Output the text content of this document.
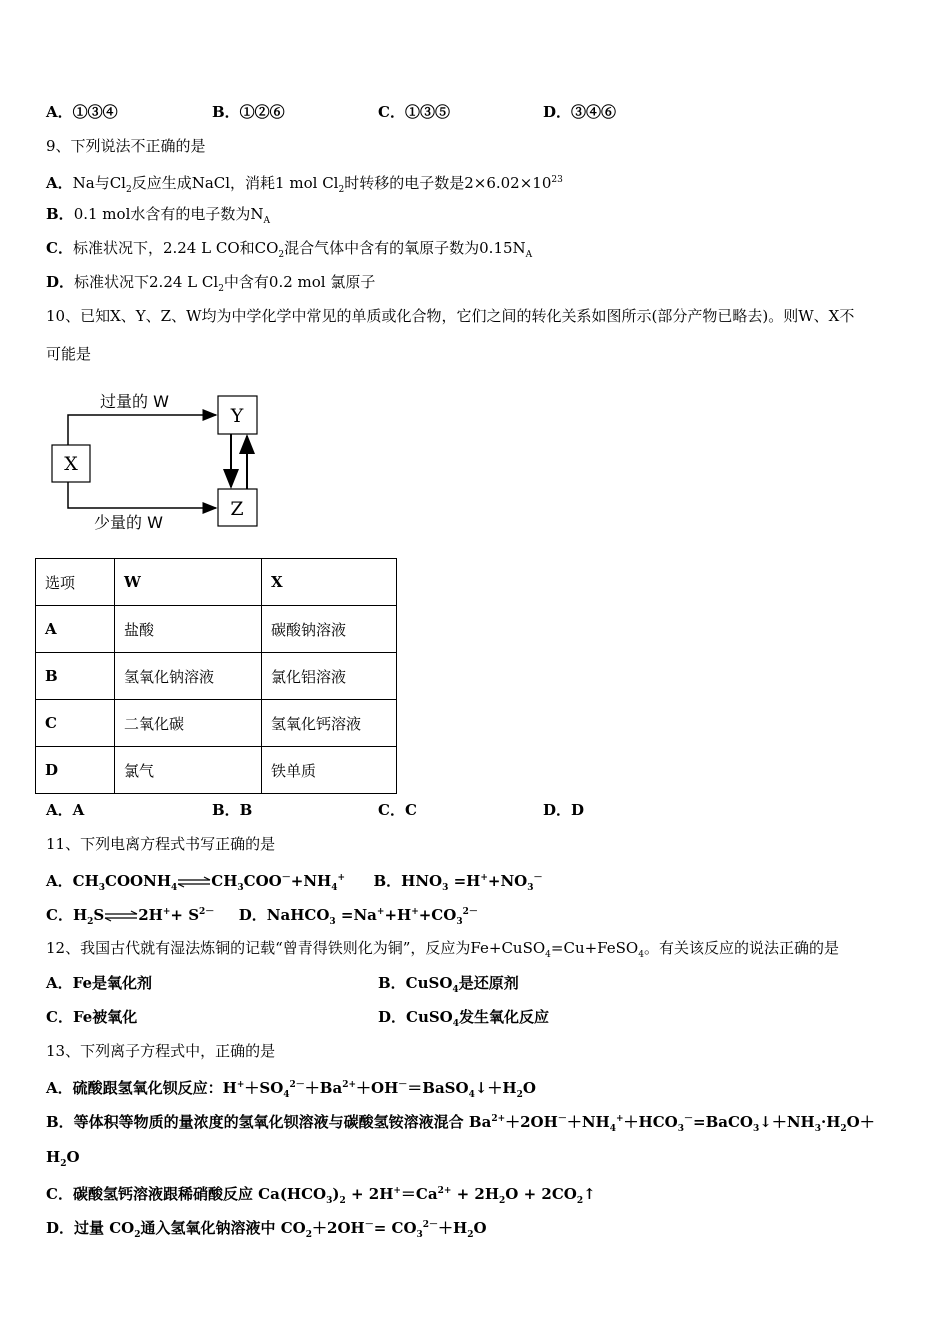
A．①③④	B．①②⑥	C．①③⑤	D．③④⑥
9、下列说法不正确的是
A．Na与$Cl_2$反应生成NaCl，消耗1 mol $Cl_2$时转移的电子数是$2\times 6.02\times 10^{23}$
B．0.1 mol水含有的电子数为$N_A$
C．标准状况下，2.24 L CO和$CO_2$混合气体中含有的氧原子数为$0.15N_A$
D．标准状况下2.24 L $Cl_2$中含有0.2 mol 氯原子
10、已知X、Y、Z、W均为中学化学中常见的单质或化合物，它们之间的转化关系如图所示(部分产物已略去)。则W、X不
可能是
X
Y
Z
过量的 W
少量的 W
选项	W	X
A	盐酸	碳酸钠溶液
B	氢氧化钠溶液	氯化铝溶液
C	二氧化碳	氢氧化钙溶液
D	氯气	铁单质
A．A	B．B	C．C	D．D
11、下列电离方程式书写正确的是
A．$CH_3COONH_4\rightleftharpoons CH_3COO^-+NH_4^+$ B．$HNO_3 =H^++NO_3^-$
C．$H_2S\rightleftharpoons 2H^++ S^{2-}$ D．NaHCO$_3$ $=Na^++H^++CO_3^{2-}$
12、我国古代就有湿法炼铜的记载“曾青得铁则化为铜”，反应为Fe+CuSO$_4$=Cu+FeSO$_4$。有关该反应的说法正确的是
A．Fe是氧化剂	B．CuSO$_4$是还原剂
C．Fe被氧化	D．CuSO$_4$发生氧化反应
13、下列离子方程式中，正确的是
A．硫酸跟氢氧化钡反应：$H^++SO_4^{2-}+Ba^{2+}+OH^-=BaSO_4↓+H_2O$
B．等体积等物质的量浓度的氢氧化钡溶液与碳酸氢铵溶液混合 $Ba^{2+}+2OH^-+NH_4^++HCO_3^-=BaCO_3↓+NH_3\cdot H_2O+$
$H_2O$
C．碳酸氢钙溶液跟稀硝酸反应 $Ca(HCO_3)_2 + 2H^+=Ca^{2+} + 2H_2O$ + $2CO_2↑$
D．过量 $CO_2$通入氢氧化钠溶液中 $CO_2+2OH^-= CO_3^{2-}+H_2O$
